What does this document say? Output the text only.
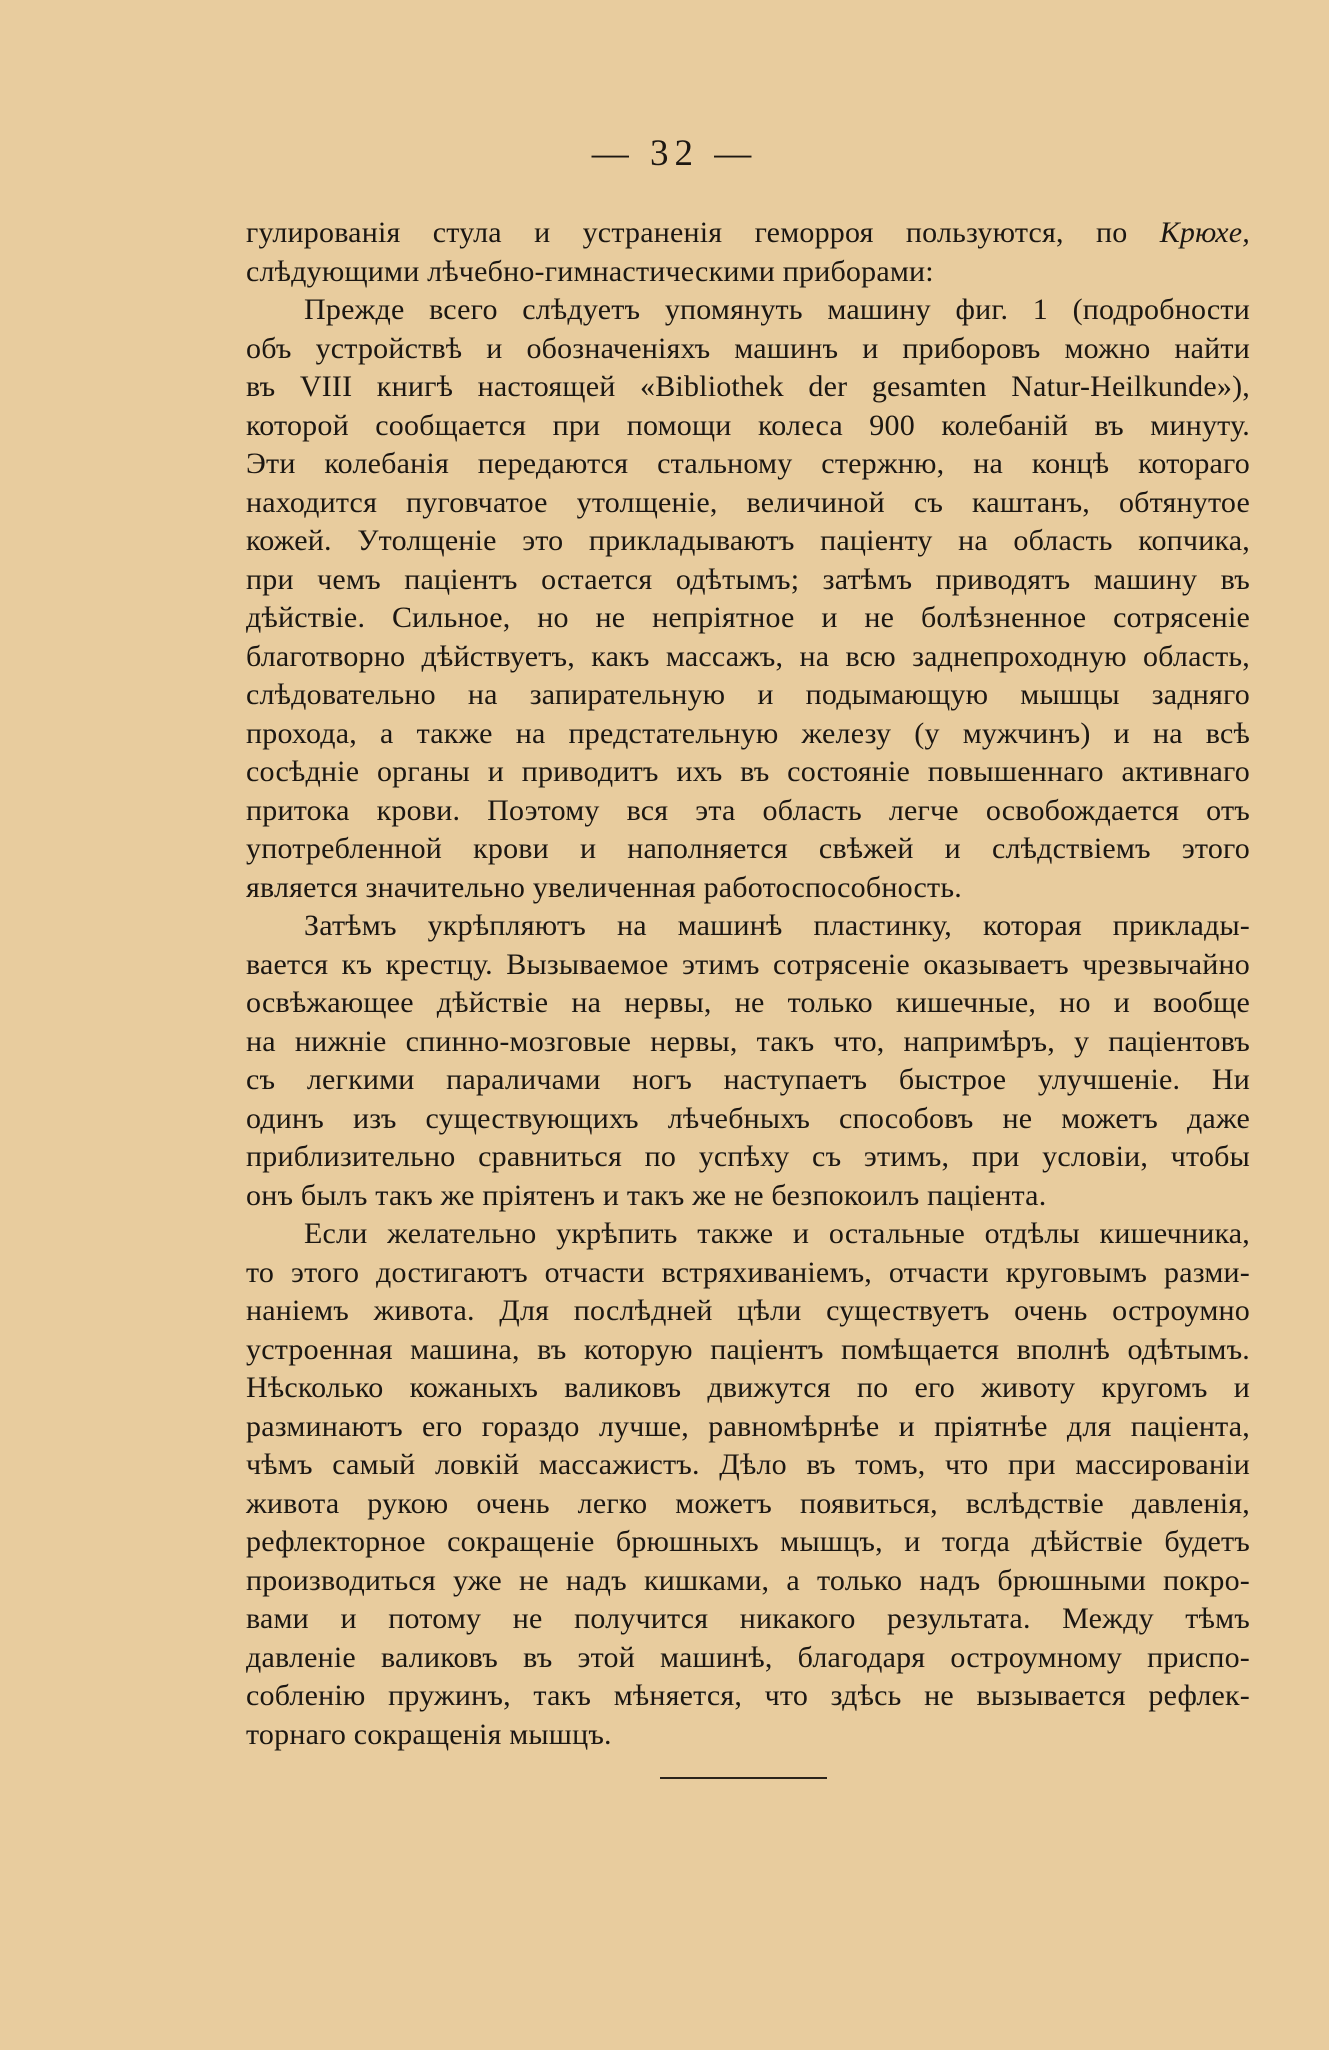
— 32 —
гулированія стула и устраненія геморроя пользуются, по Крюхе,
слѣдующими лѣчебно-гимнастическими приборами:
Прежде всего слѣдуетъ упомянуть машину фиг. 1 (подробности
объ устройствѣ и обозначеніяхъ машинъ и приборовъ можно найти
въ VIII книгѣ настоящей «Bibliothek der gesamten Natur-Heilkunde»),
которой сообщается при помощи колеса 900 колебаній въ минуту.
Эти колебанія передаются стальному стержню, на концѣ котораго
находится пуговчатое утолщеніе, величиной съ каштанъ, обтянутое
кожей. Утолщеніе это прикладываютъ паціенту на область копчика,
при чемъ паціентъ остается одѣтымъ; затѣмъ приводятъ машину въ
дѣйствіе. Сильное, но не непріятное и не болѣзненное сотрясеніе
благотворно дѣйствуетъ, какъ массажъ, на всю заднепроходную область,
слѣдовательно на запирательную и подымающую мышцы задняго
прохода, а также на предстательную железу (у мужчинъ) и на всѣ
сосѣдніе органы и приводитъ ихъ въ состояніе повышеннаго активнаго
притока крови. Поэтому вся эта область легче освобождается отъ
употребленной крови и наполняется свѣжей и слѣдствіемъ этого
является значительно увеличенная работоспособность.
Затѣмъ укрѣпляютъ на машинѣ пластинку, которая приклады-
вается къ крестцу. Вызываемое этимъ сотрясеніе оказываетъ чрезвычайно
освѣжающее дѣйствіе на нервы, не только кишечные, но и вообще
на нижніе спинно-мозговые нервы, такъ что, напримѣръ, у паціентовъ
съ легкими параличами ногъ наступаетъ быстрое улучшеніе. Ни
одинъ изъ существующихъ лѣчебныхъ способовъ не можетъ даже
приблизительно сравниться по успѣху съ этимъ, при условіи, чтобы
онъ былъ такъ же пріятенъ и такъ же не безпокоилъ паціента.
Если желательно укрѣпить также и остальные отдѣлы кишечника,
то этого достигаютъ отчасти встряхиваніемъ, отчасти круговымъ разми-
наніемъ живота. Для послѣдней цѣли существуетъ очень остроумно
устроенная машина, въ которую паціентъ помѣщается вполнѣ одѣтымъ.
Нѣсколько кожаныхъ валиковъ движутся по его животу кругомъ и
разминаютъ его гораздо лучше, равномѣрнѣе и пріятнѣе для паціента,
чѣмъ самый ловкій массажистъ. Дѣло въ томъ, что при массированіи
живота рукою очень легко можетъ появиться, вслѣдствіе давленія,
рефлекторное сокращеніе брюшныхъ мышцъ, и тогда дѣйствіе будетъ
производиться уже не надъ кишками, а только надъ брюшными покро-
вами и потому не получится никакого результата. Между тѣмъ
давленіе валиковъ въ этой машинѣ, благодаря остроумному приспо-
собленію пружинъ, такъ мѣняется, что здѣсь не вызывается рефлек-
торнаго сокращенія мышцъ.
